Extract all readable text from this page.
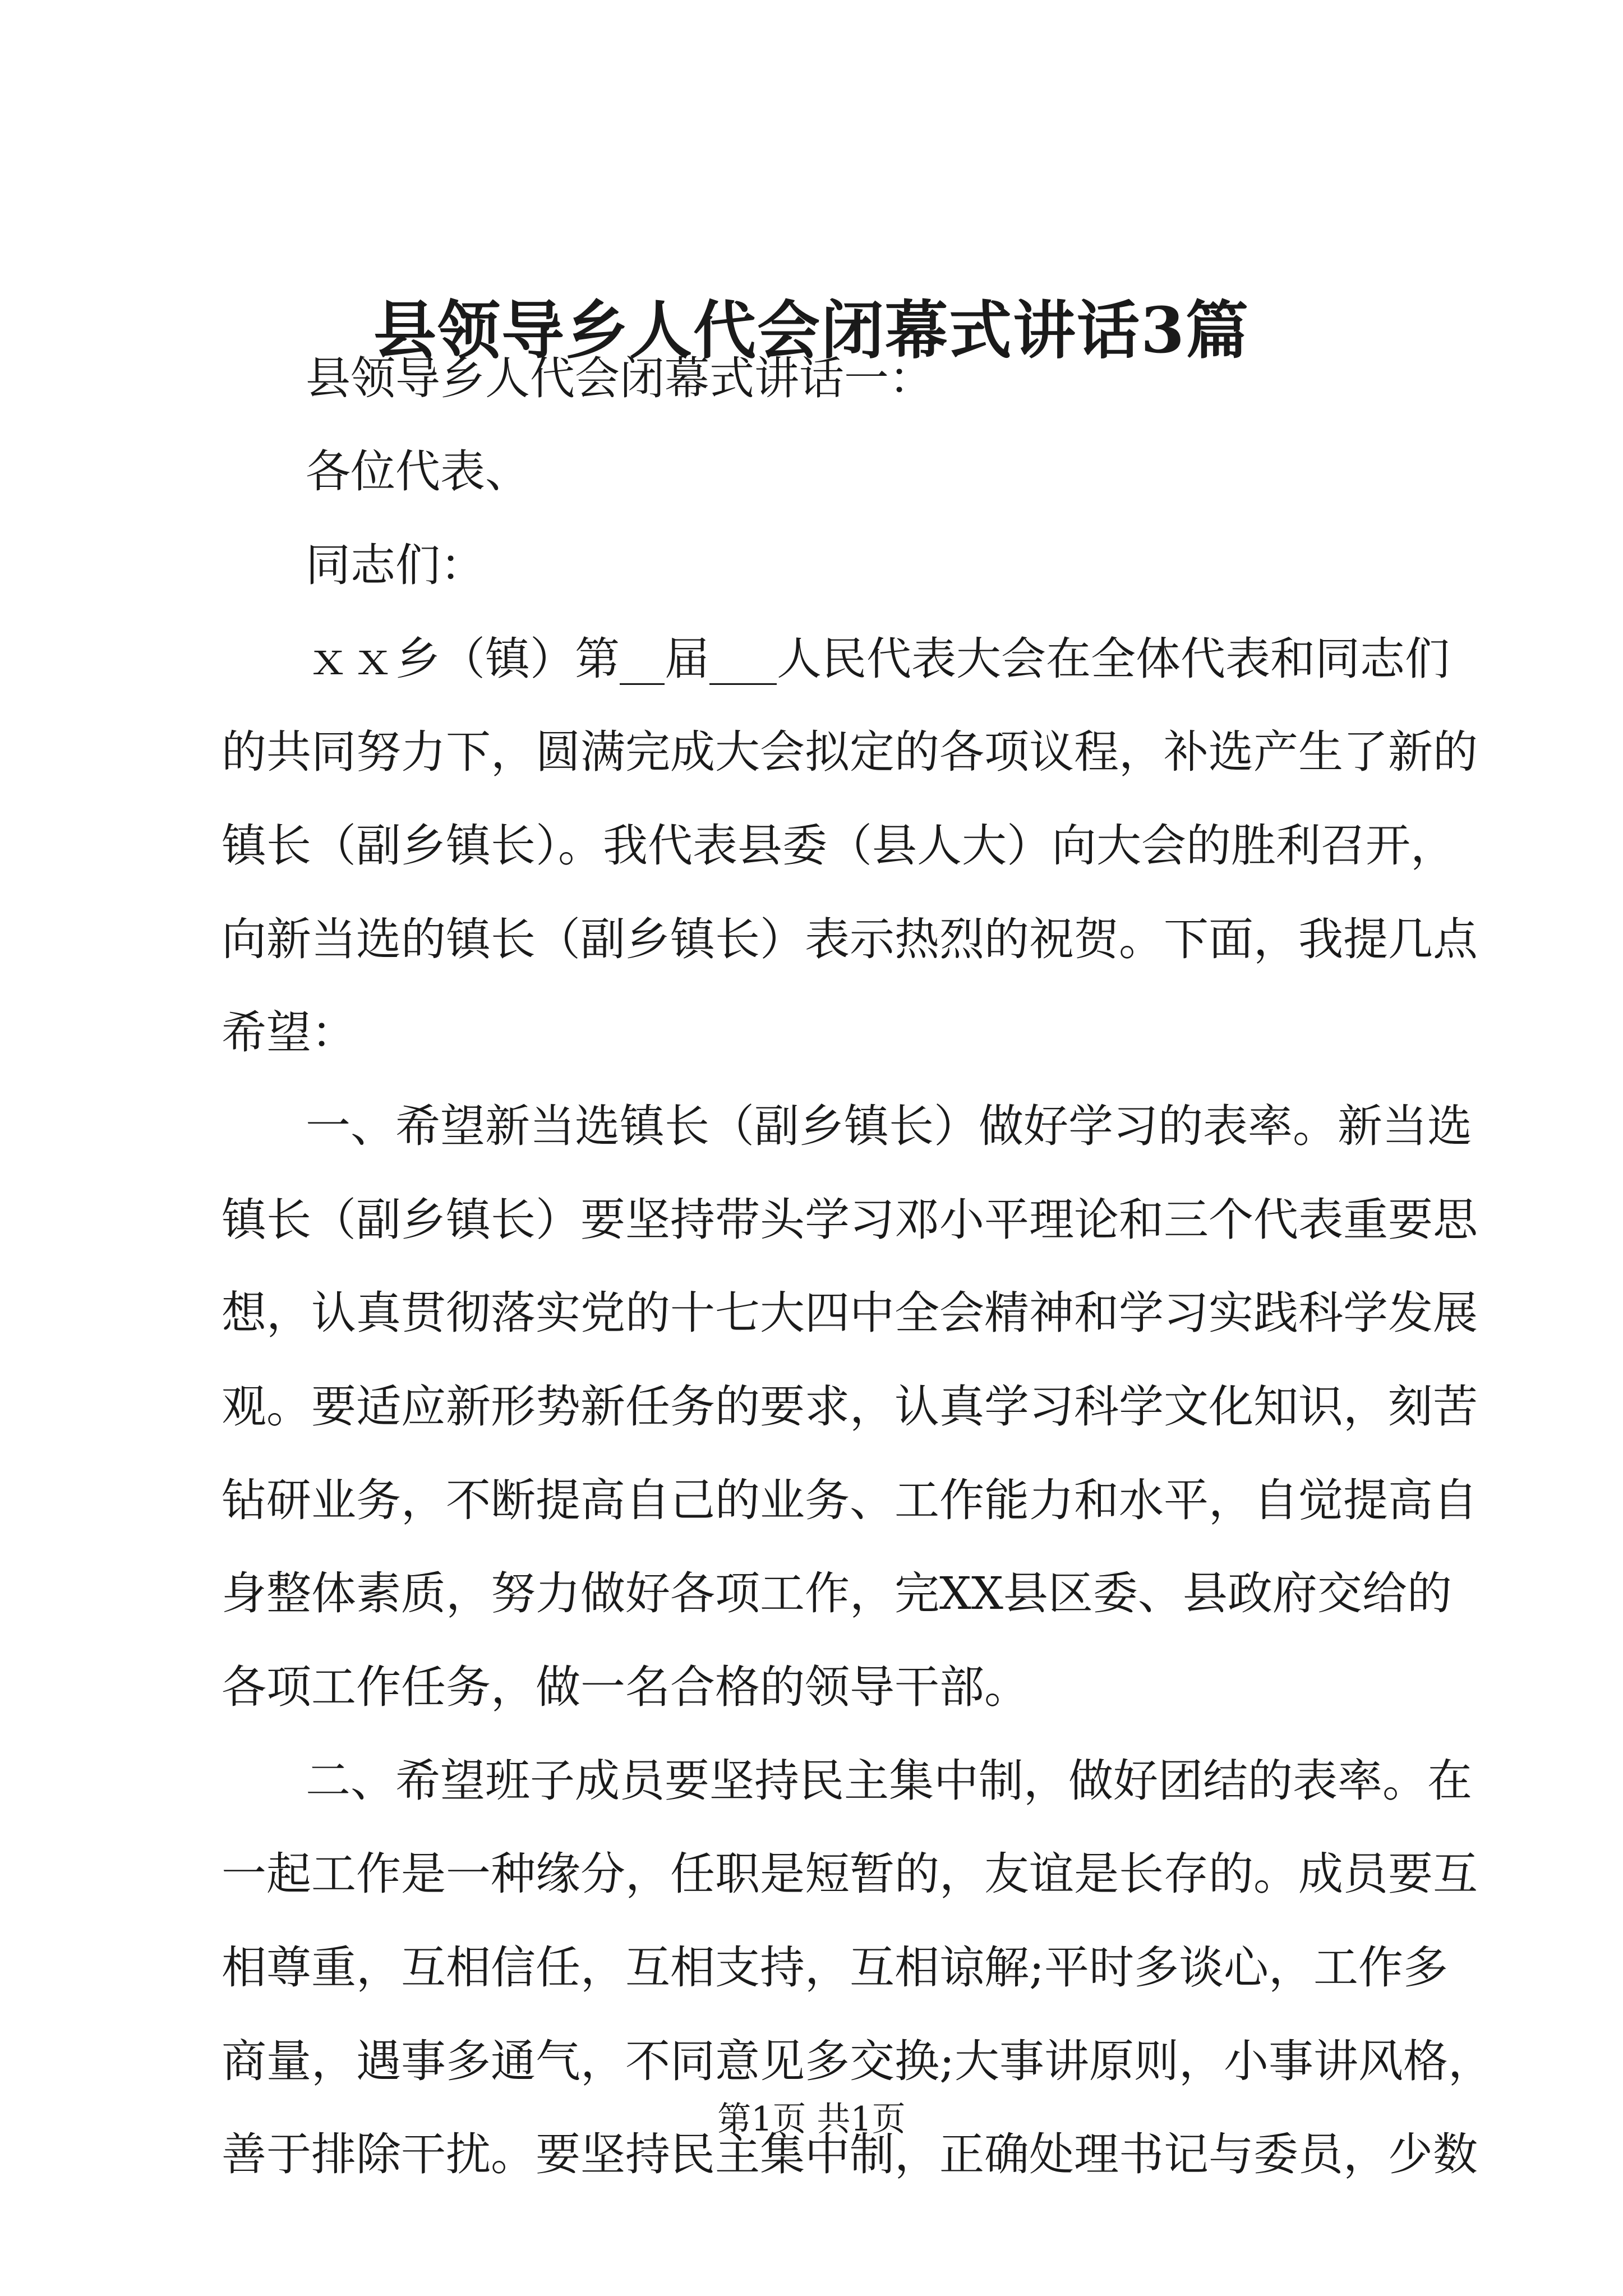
县领导乡人代会闭幕式讲话3篇
县领导乡人代会闭幕式讲话一：
各位代表、
同志们：
ｘｘ乡（镇）第__届___人民代表大会在全体代表和同志们
的共同努力下，圆满完成大会拟定的各项议程，补选产生了新的
镇长（副乡镇长）。我代表县委（县人大）向大会的胜利召开，
向新当选的镇长（副乡镇长）表示热烈的祝贺。下面，我提几点
希望：
一、希望新当选镇长（副乡镇长）做好学习的表率。新当选
镇长（副乡镇长）要坚持带头学习邓小平理论和三个代表重要思
想，认真贯彻落实党的十七大四中全会精神和学习实践科学发展
观。要适应新形势新任务的要求，认真学习科学文化知识，刻苦
钻研业务，不断提高自己的业务、工作能力和水平，自觉提高自
身整体素质，努力做好各项工作，完XX县区委、县政府交给的
各项工作任务，做一名合格的领导干部。
二、希望班子成员要坚持民主集中制，做好团结的表率。在
一起工作是一种缘分，任职是短暂的，友谊是长存的。成员要互
相尊重，互相信任，互相支持，互相谅解;平时多谈心，工作多
商量，遇事多通气，不同意见多交换;大事讲原则，小事讲风格，
善于排除干扰。要坚持民主集中制，正确处理书记与委员，少数
第1页 共1页
